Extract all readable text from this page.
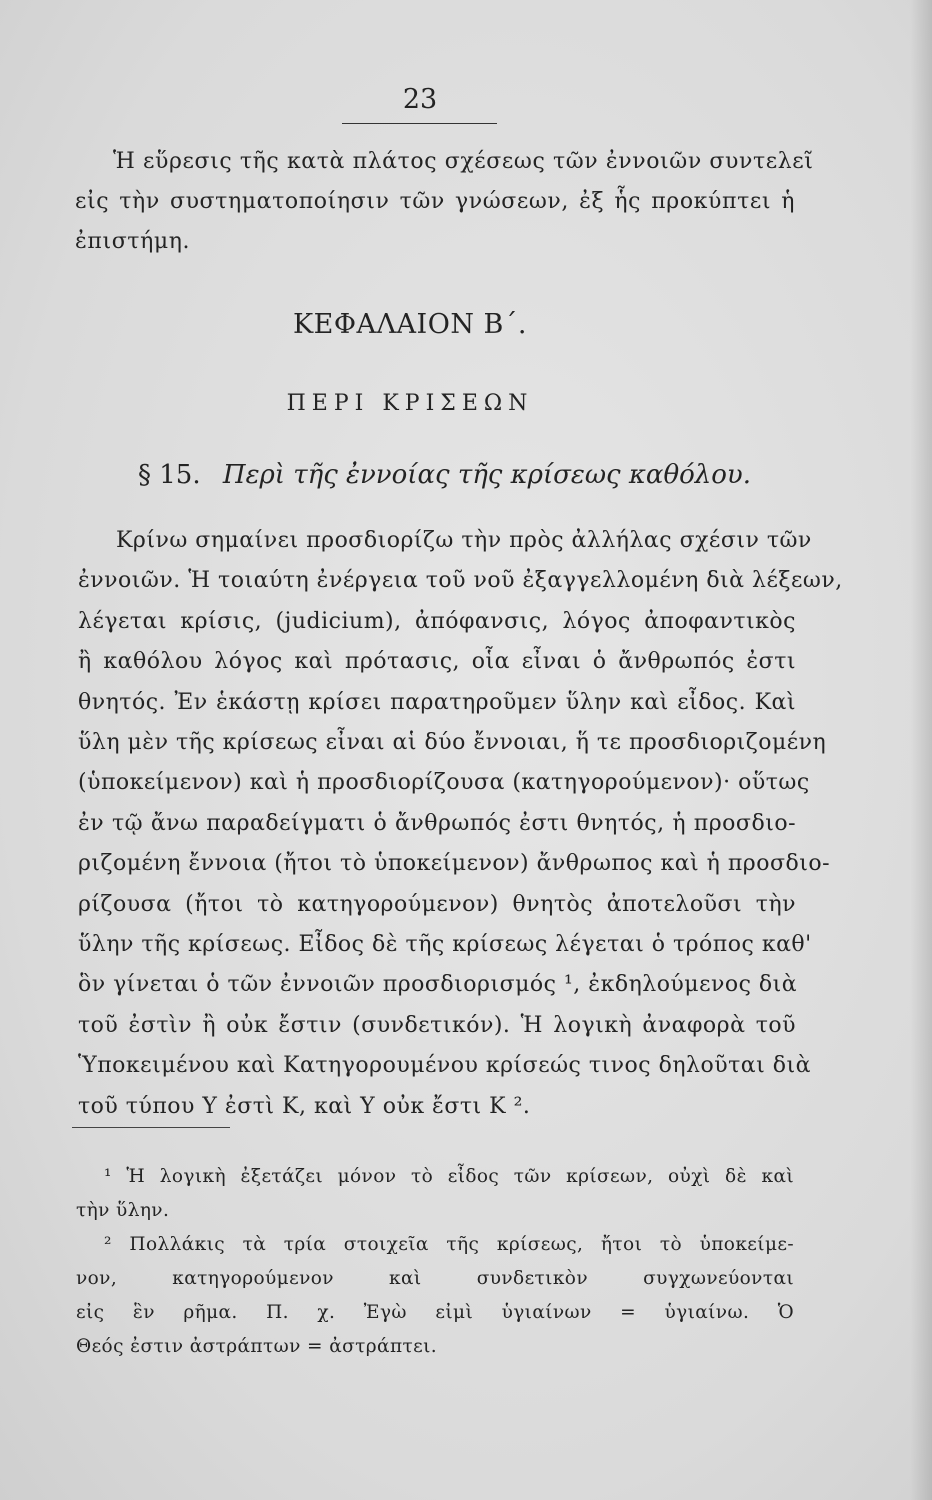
23
Ἡ εὕρεσις τῆς κατὰ πλάτος σχέσεως τῶν ἐννοιῶν συντελεῖ
εἰς τὴν συστηματοποίησιν τῶν γνώσεων, ἐξ ἧς προκύπτει ἡ
ἐπιστήμη.
ΚΕΦΑΛΑΙΟΝ Β΄.
ΠΕΡΙ ΚΡΙΣΕΩΝ
§ 15. Περὶ τῆς ἐννοίας τῆς κρίσεως καθόλου.
Κρίνω σημαίνει προσδιορίζω τὴν πρὸς ἀλλήλας σχέσιν τῶν
ἐννοιῶν. Ἡ τοιαύτη ἐνέργεια τοῦ νοῦ ἐξαγγελλομένη διὰ λέξεων,
λέγεται κρίσις, (judicium), ἀπόφανσις, λόγος ἀποφαντικὸς
ἢ καθόλου λόγος καὶ πρότασις, οἷα εἶναι ὁ ἄνθρωπός ἐστι
θνητός. Ἐν ἑκάστῃ κρίσει παρατηροῦμεν ὕλην καὶ εἶδος. Καὶ
ὕλη μὲν τῆς κρίσεως εἶναι αἱ δύο ἔννοιαι, ἥ τε προσδιοριζομένη
(ὑποκείμενον) καὶ ἡ προσδιορίζουσα (κατηγορούμενον)· οὕτως
ἐν τῷ ἄνω παραδείγματι ὁ ἄνθρωπός ἐστι θνητός, ἡ προσδιο-
ριζομένη ἔννοια (ἤτοι τὸ ὑποκείμενον) ἄνθρωπος καὶ ἡ προσδιο-
ρίζουσα (ἤτοι τὸ κατηγορούμενον) θνητὸς ἀποτελοῦσι τὴν
ὕλην τῆς κρίσεως. Εἶδος δὲ τῆς κρίσεως λέγεται ὁ τρόπος καθ'
ὃν γίνεται ὁ τῶν ἐννοιῶν προσδιορισμός ¹, ἐκδηλούμενος διὰ
τοῦ ἐστὶν ἢ οὐκ ἔστιν (συνδετικόν). Ἡ λογικὴ ἀναφορὰ τοῦ
Ὑποκειμένου καὶ Κατηγορουμένου κρίσεώς τινος δηλοῦται διὰ
τοῦ τύπου Υ ἐστὶ Κ, καὶ Υ οὐκ ἔστι Κ ².
¹ Ἡ λογικὴ ἐξετάζει μόνον τὸ εἶδος τῶν κρίσεων, οὐχὶ δὲ καὶ
τὴν ὕλην.
² Πολλάκις τὰ τρία στοιχεῖα τῆς κρίσεως, ἤτοι τὸ ὑποκείμε-
νον, κατηγορούμενον καὶ συνδετικὸν συγχωνεύονται
εἰς ἓν ρῆμα. Π. χ. Ἐγὼ εἰμὶ ὑγιαίνων = ὑγιαίνω. Ὁ
Θεός ἐστιν ἀστράπτων = ἀστράπτει.
